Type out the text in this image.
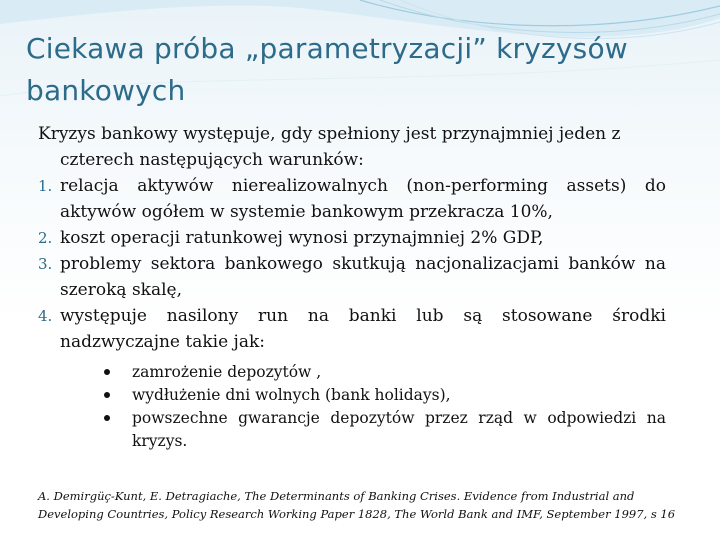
Ciekawa próba „parametryzacji” kryzysów bankowych

Kryzys bankowy występuje, gdy spełniony jest przynajmniej jeden z czterech następujących warunków:

1. relacja aktywów nierealizowalnych (non-performing assets) do aktywów ogółem w systemie bankowym przekracza 10%,
2. koszt operacji ratunkowej wynosi przynajmniej 2% GDP,
3. problemy sektora bankowego skutkują nacjonalizacjami banków na szeroką skalę,
4. występuje nasilony run na banki lub są stosowane środki nadzwyczajne takie jak:
zamrożenie depozytów ,
wydłużenie dni wolnych (bank holidays),
powszechne gwarancje depozytów przez rząd w odpowiedzi na kryzys.
A. Demirgüç-Kunt, E. Detragiache, The Determinants of Banking Crises. Evidence from Industrial and Developing Countries, Policy Research Working Paper 1828, The World Bank and IMF, September 1997, s 16
